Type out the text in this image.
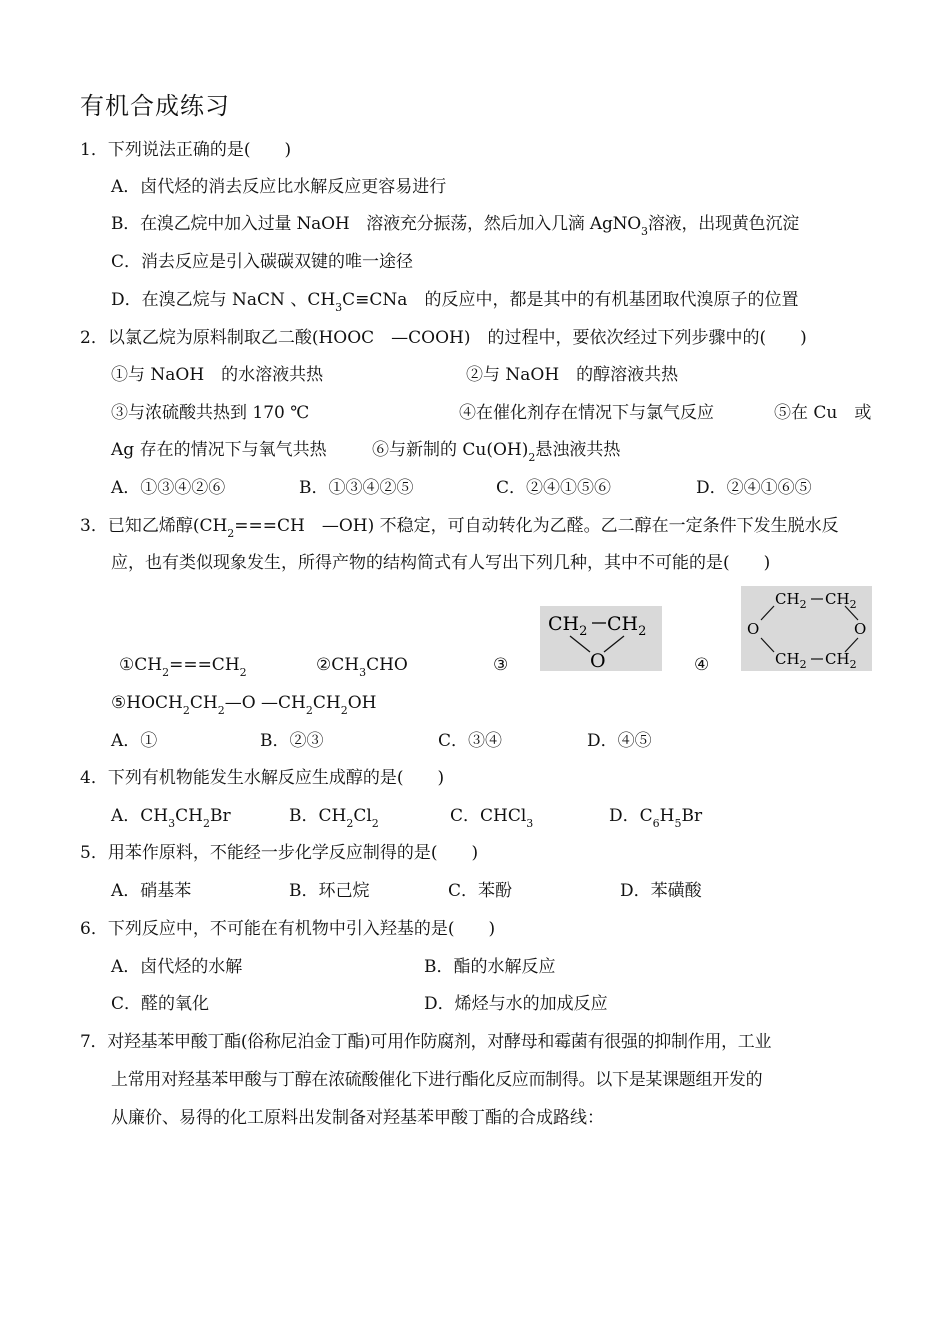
有机合成练习
1．下列说法正确的是(　　)
A．卤代烃的消去反应比水解反应更容易进行
B．在溴乙烷中加入过量 NaOH　溶液充分振荡，然后加入几滴 AgNO$_3$溶液，出现黄色沉淀
C．消去反应是引入碳碳双键的唯一途径
D．在溴乙烷与 NaCN 、$CH_3C\equiv CNa$　的反应中，都是其中的有机基团取代溴原子的位置
2．以氯乙烷为原料制取乙二酸(HOOC　—COOH)　的过程中，要依次经过下列步骤中的(　　)
①与 NaOH　的水溶液共热	②与 NaOH　的醇溶液共热
③与浓硫酸共热到 170 ℃	④在催化剂存在情况下与氯气反应	⑤在 Cu　或
Ag 存在的情况下与氧气共热	⑥与新制的 $Cu(OH)_2$悬浊液共热
A．①③④②⑥	B．①③④②⑤	C．②④①⑤⑥	D．②④①⑥⑤
3．已知乙烯醇($CH_2===CH$　—OH) 不稳定，可自动转化为乙醛。乙二醇在一定条件下发生脱水反
应，也有类似现象发生，所得产物的结构简式有人写出下列几种，其中不可能的是(　　)
$CH_2$ $CH_2$
O
$CH_2$ $CH_2$
O	O
$CH_2$ $CH_2$
$①CH_2===CH_2$	$②CH_3CHO$	③	④
$⑤HOCH_2CH_2—O$ $—CH_2CH_2OH$
A．①	B．②③	C．③④	D．④⑤
4．下列有机物能发生水解反应生成醇的是(　　)
A．$CH_3CH_2Br$	B．$CH_2Cl_2$	C．CHCl$_3$	D．$C_6H_5Br$
5．用苯作原料，不能经一步化学反应制得的是(　　)
A．硝基苯	B．环己烷	C．苯酚	D．苯磺酸
6．下列反应中，不可能在有机物中引入羟基的是(　　)
A．卤代烃的水解	B．酯的水解反应
C．醛的氧化	D．烯烃与水的加成反应
7．对羟基苯甲酸丁酯(俗称尼泊金丁酯)可用作防腐剂，对酵母和霉菌有很强的抑制作用，工业
上常用对羟基苯甲酸与丁醇在浓硫酸催化下进行酯化反应而制得。以下是某课题组开发的
从廉价、易得的化工原料出发制备对羟基苯甲酸丁酯的合成路线：
